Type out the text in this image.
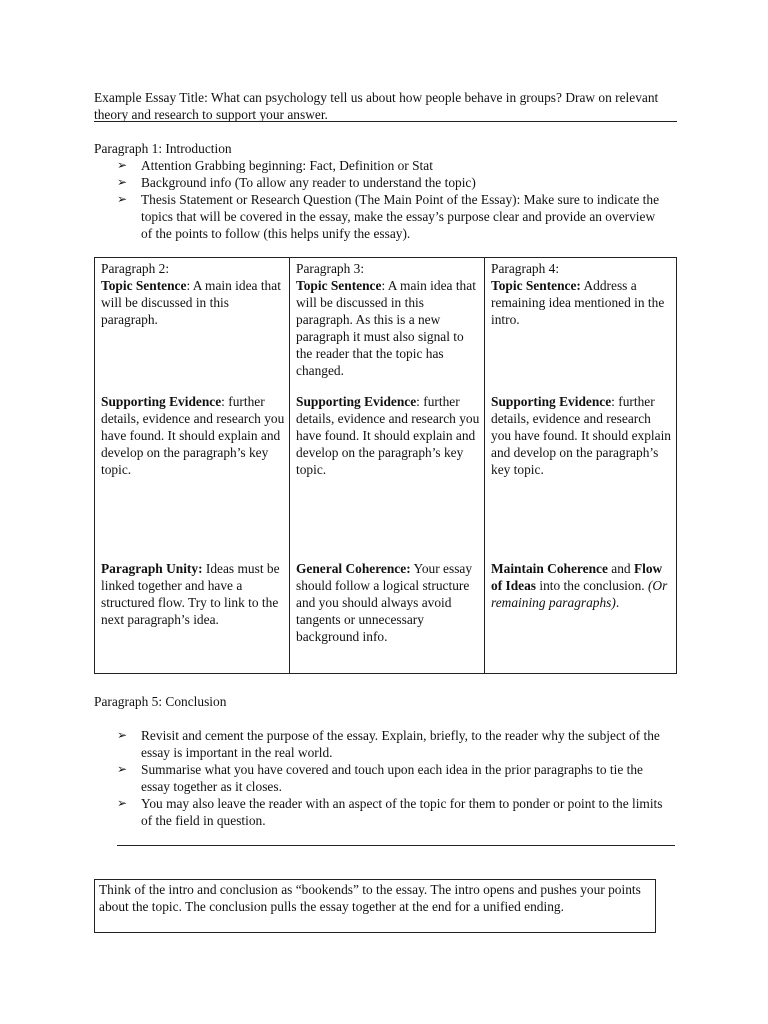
Example Essay Title: What can psychology tell us about how people behave in groups? Draw on relevant theory and research to support your answer.
Paragraph 1: Introduction
➢ Attention Grabbing beginning: Fact, Definition or Stat
➢ Background info (To allow any reader to understand the topic)
➢ Thesis Statement or Research Question (The Main Point of the Essay): Make sure to indicate the topics that will be covered in the essay, make the essay’s purpose clear and provide an overview of the points to follow (this helps unify the essay).
Paragraph 2:
Topic Sentence: A main idea that will be discussed in this paragraph.
Supporting Evidence: further details, evidence and research you have found. It should explain and develop on the paragraph’s key topic.
Paragraph Unity: Ideas must be linked together and have a structured flow. Try to link to the next paragraph’s idea.
Paragraph 3:
Topic Sentence: A main idea that will be discussed in this paragraph. As this is a new paragraph it must also signal to the reader that the topic has changed.
Supporting Evidence: further details, evidence and research you have found. It should explain and develop on the paragraph’s key topic.
General Coherence: Your essay should follow a logical structure and you should always avoid tangents or unnecessary background info.
Paragraph 4:
Topic Sentence: Address a remaining idea mentioned in the intro.
Supporting Evidence: further details, evidence and research you have found. It should explain and develop on the paragraph’s key topic.
Maintain Coherence and Flow of Ideas into the conclusion. (Or remaining paragraphs).
Paragraph 5: Conclusion
➢ Revisit and cement the purpose of the essay. Explain, briefly, to the reader why the subject of the essay is important in the real world.
➢ Summarise what you have covered and touch upon each idea in the prior paragraphs to tie the essay together as it closes.
➢ You may also leave the reader with an aspect of the topic for them to ponder or point to the limits of the field in question.
Think of the intro and conclusion as “bookends” to the essay. The intro opens and pushes your points about the topic. The conclusion pulls the essay together at the end for a unified ending.
